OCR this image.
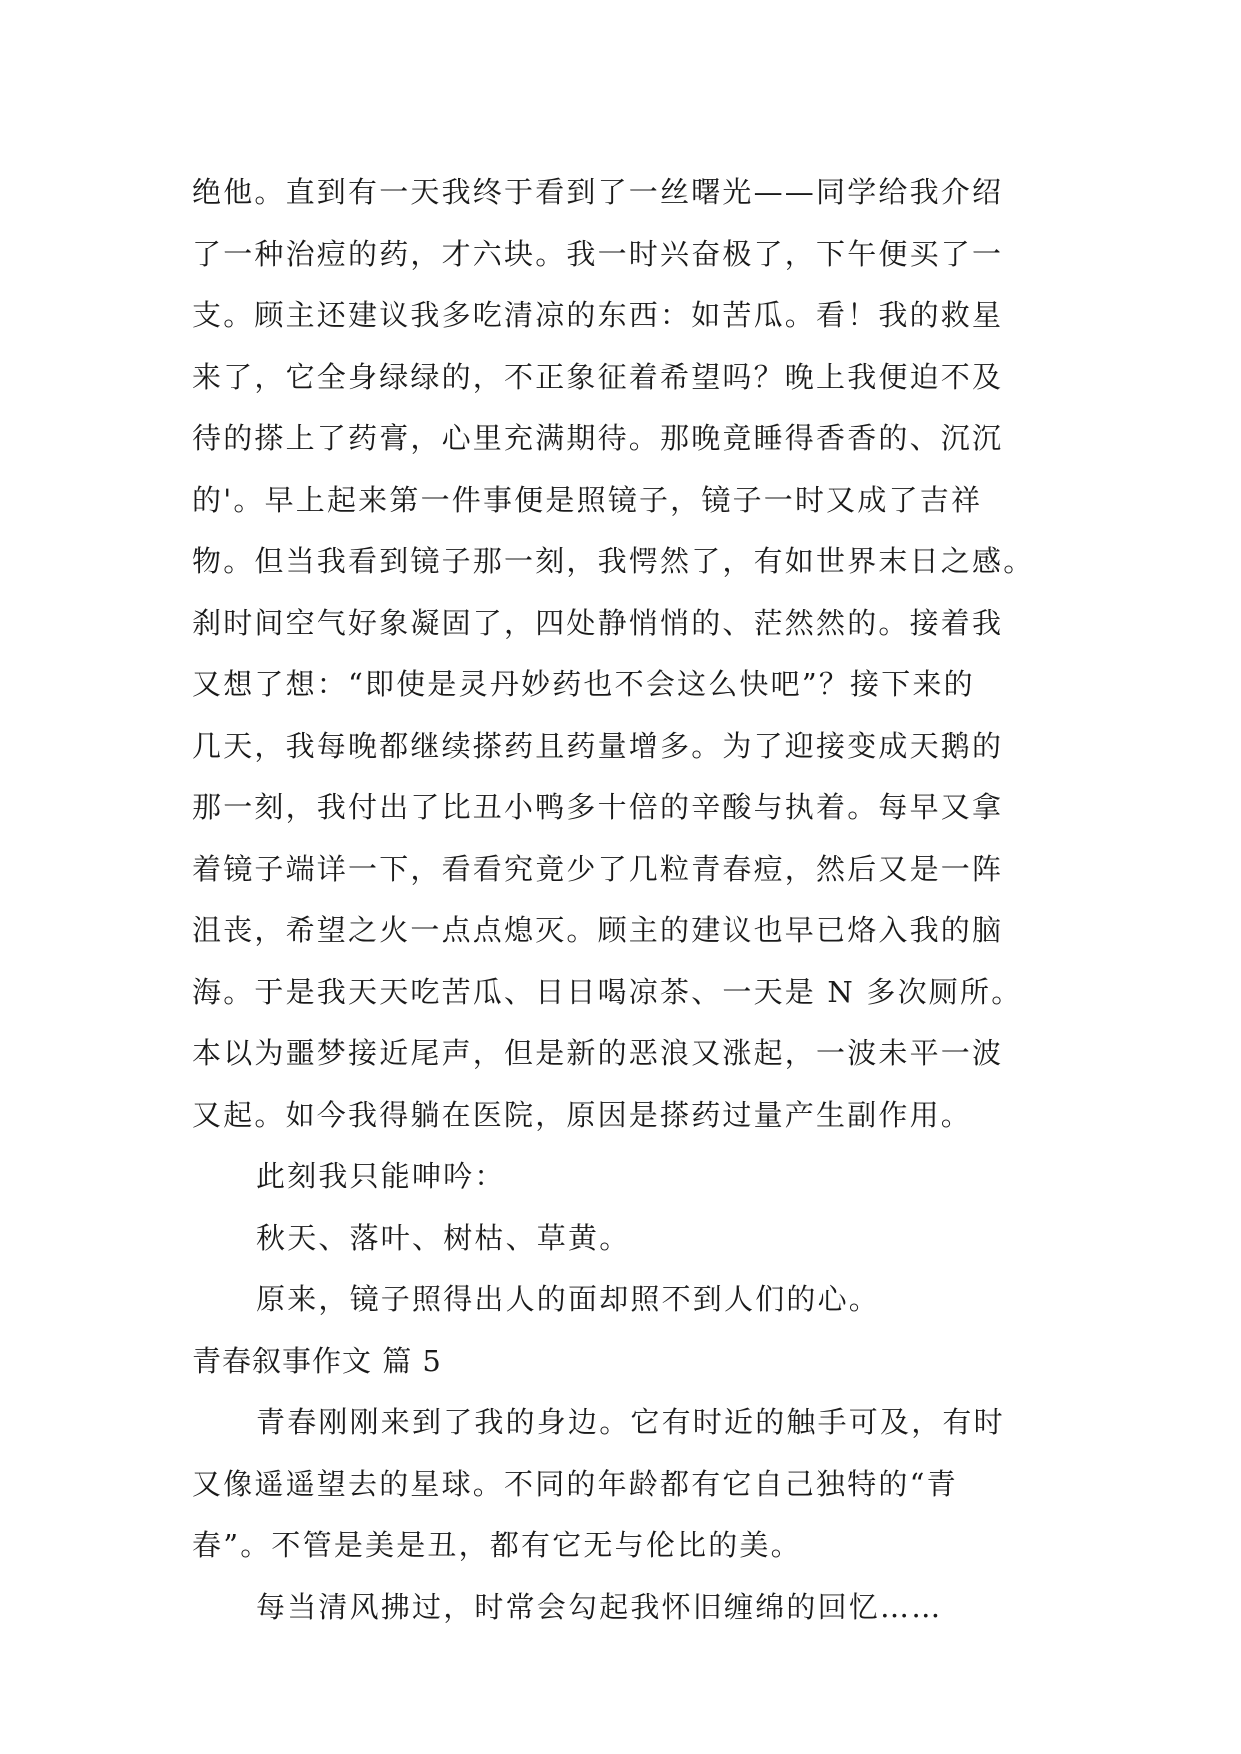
绝他。直到有一天我终于看到了一丝曙光——同学给我介绍
了一种治痘的药，才六块。我一时兴奋极了，下午便买了一
支。顾主还建议我多吃清凉的东西：如苦瓜。看！我的救星
来了，它全身绿绿的，不正象征着希望吗？晚上我便迫不及
待的搽上了药膏，心里充满期待。那晚竟睡得香香的、沉沉
的'。早上起来第一件事便是照镜子，镜子一时又成了吉祥
物。但当我看到镜子那一刻，我愕然了，有如世界末日之感。
刹时间空气好象凝固了，四处静悄悄的、茫然然的。接着我
又想了想：“即使是灵丹妙药也不会这么快吧”？接下来的
几天，我每晚都继续搽药且药量增多。为了迎接变成天鹅的
那一刻，我付出了比丑小鸭多十倍的辛酸与执着。每早又拿
着镜子端详一下，看看究竟少了几粒青春痘，然后又是一阵
沮丧，希望之火一点点熄灭。顾主的建议也早已烙入我的脑
海。于是我天天吃苦瓜、日日喝凉茶、一天是 N 多次厕所。
本以为噩梦接近尾声，但是新的恶浪又涨起，一波未平一波
又起。如今我得躺在医院，原因是搽药过量产生副作用。
此刻我只能呻吟：
秋天、落叶、树枯、草黄。
原来，镜子照得出人的面却照不到人们的心。
青春叙事作文 篇 5
青春刚刚来到了我的身边。它有时近的触手可及，有时
又像遥遥望去的星球。不同的年龄都有它自己独特的“青
春”。不管是美是丑，都有它无与伦比的美。
每当清风拂过，时常会勾起我怀旧缠绵的回忆……
